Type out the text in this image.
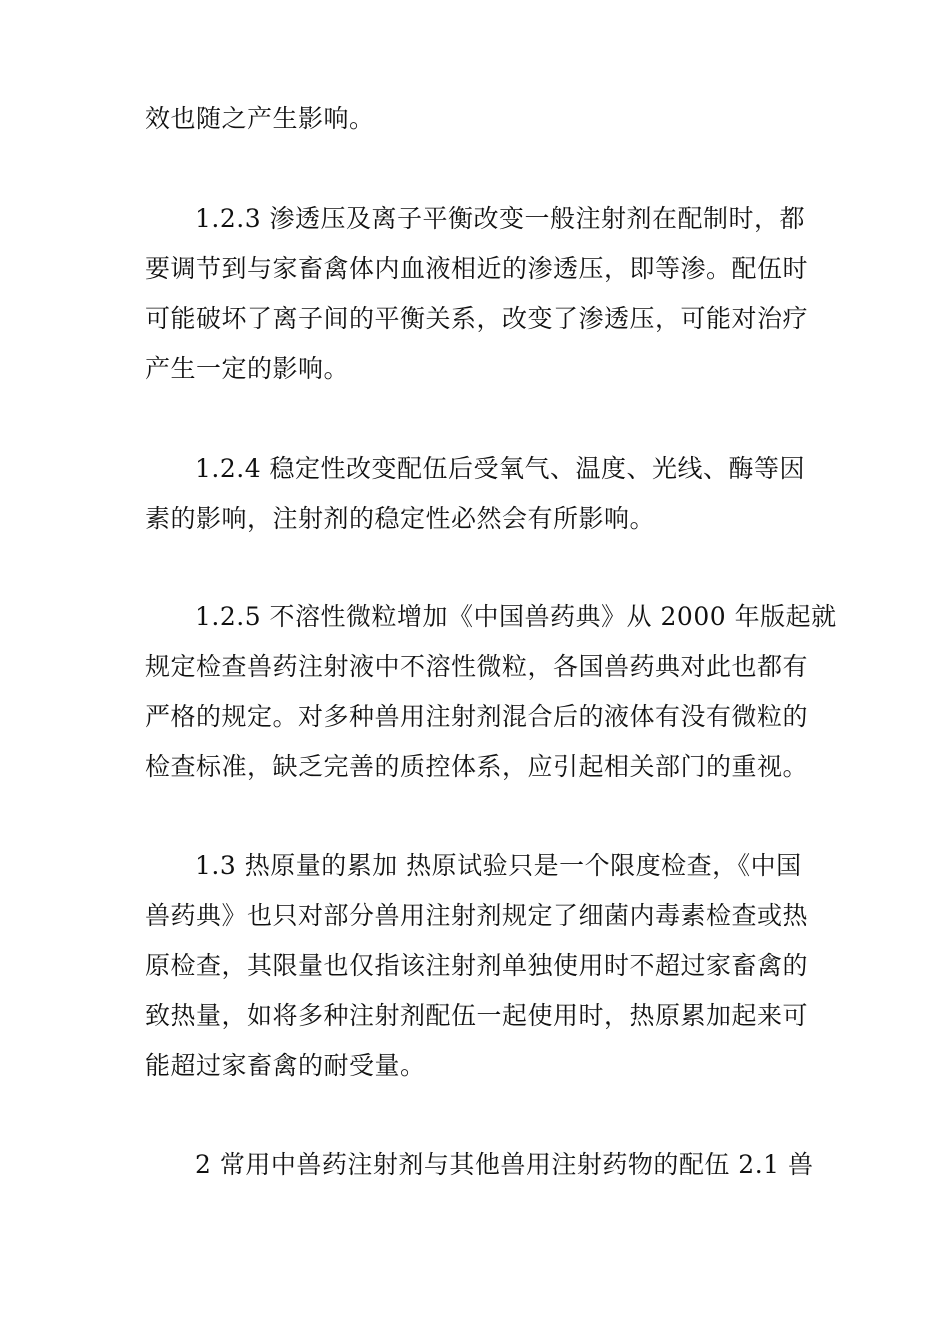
效也随之产生影响。
1.2.3 渗透压及离子平衡改变一般注射剂在配制时，都
要调节到与家畜禽体内血液相近的渗透压，即等渗。配伍时
可能破坏了离子间的平衡关系，改变了渗透压，可能对治疗
产生一定的影响。
1.2.4 稳定性改变配伍后受氧气、温度、光线、酶等因
素的影响，注射剂的稳定性必然会有所影响。
1.2.5 不溶性微粒增加《中国兽药典》从 2000 年版起就
规定检查兽药注射液中不溶性微粒，各国兽药典对此也都有
严格的规定。对多种兽用注射剂混合后的液体有没有微粒的
检查标准，缺乏完善的质控体系，应引起相关部门的重视。
1.3 热原量的累加 热原试验只是一个限度检查，《中国
兽药典》也只对部分兽用注射剂规定了细菌内毒素检查或热
原检查，其限量也仅指该注射剂单独使用时不超过家畜禽的
致热量，如将多种注射剂配伍一起使用时，热原累加起来可
能超过家畜禽的耐受量。
2 常用中兽药注射剂与其他兽用注射药物的配伍 2.1 兽
